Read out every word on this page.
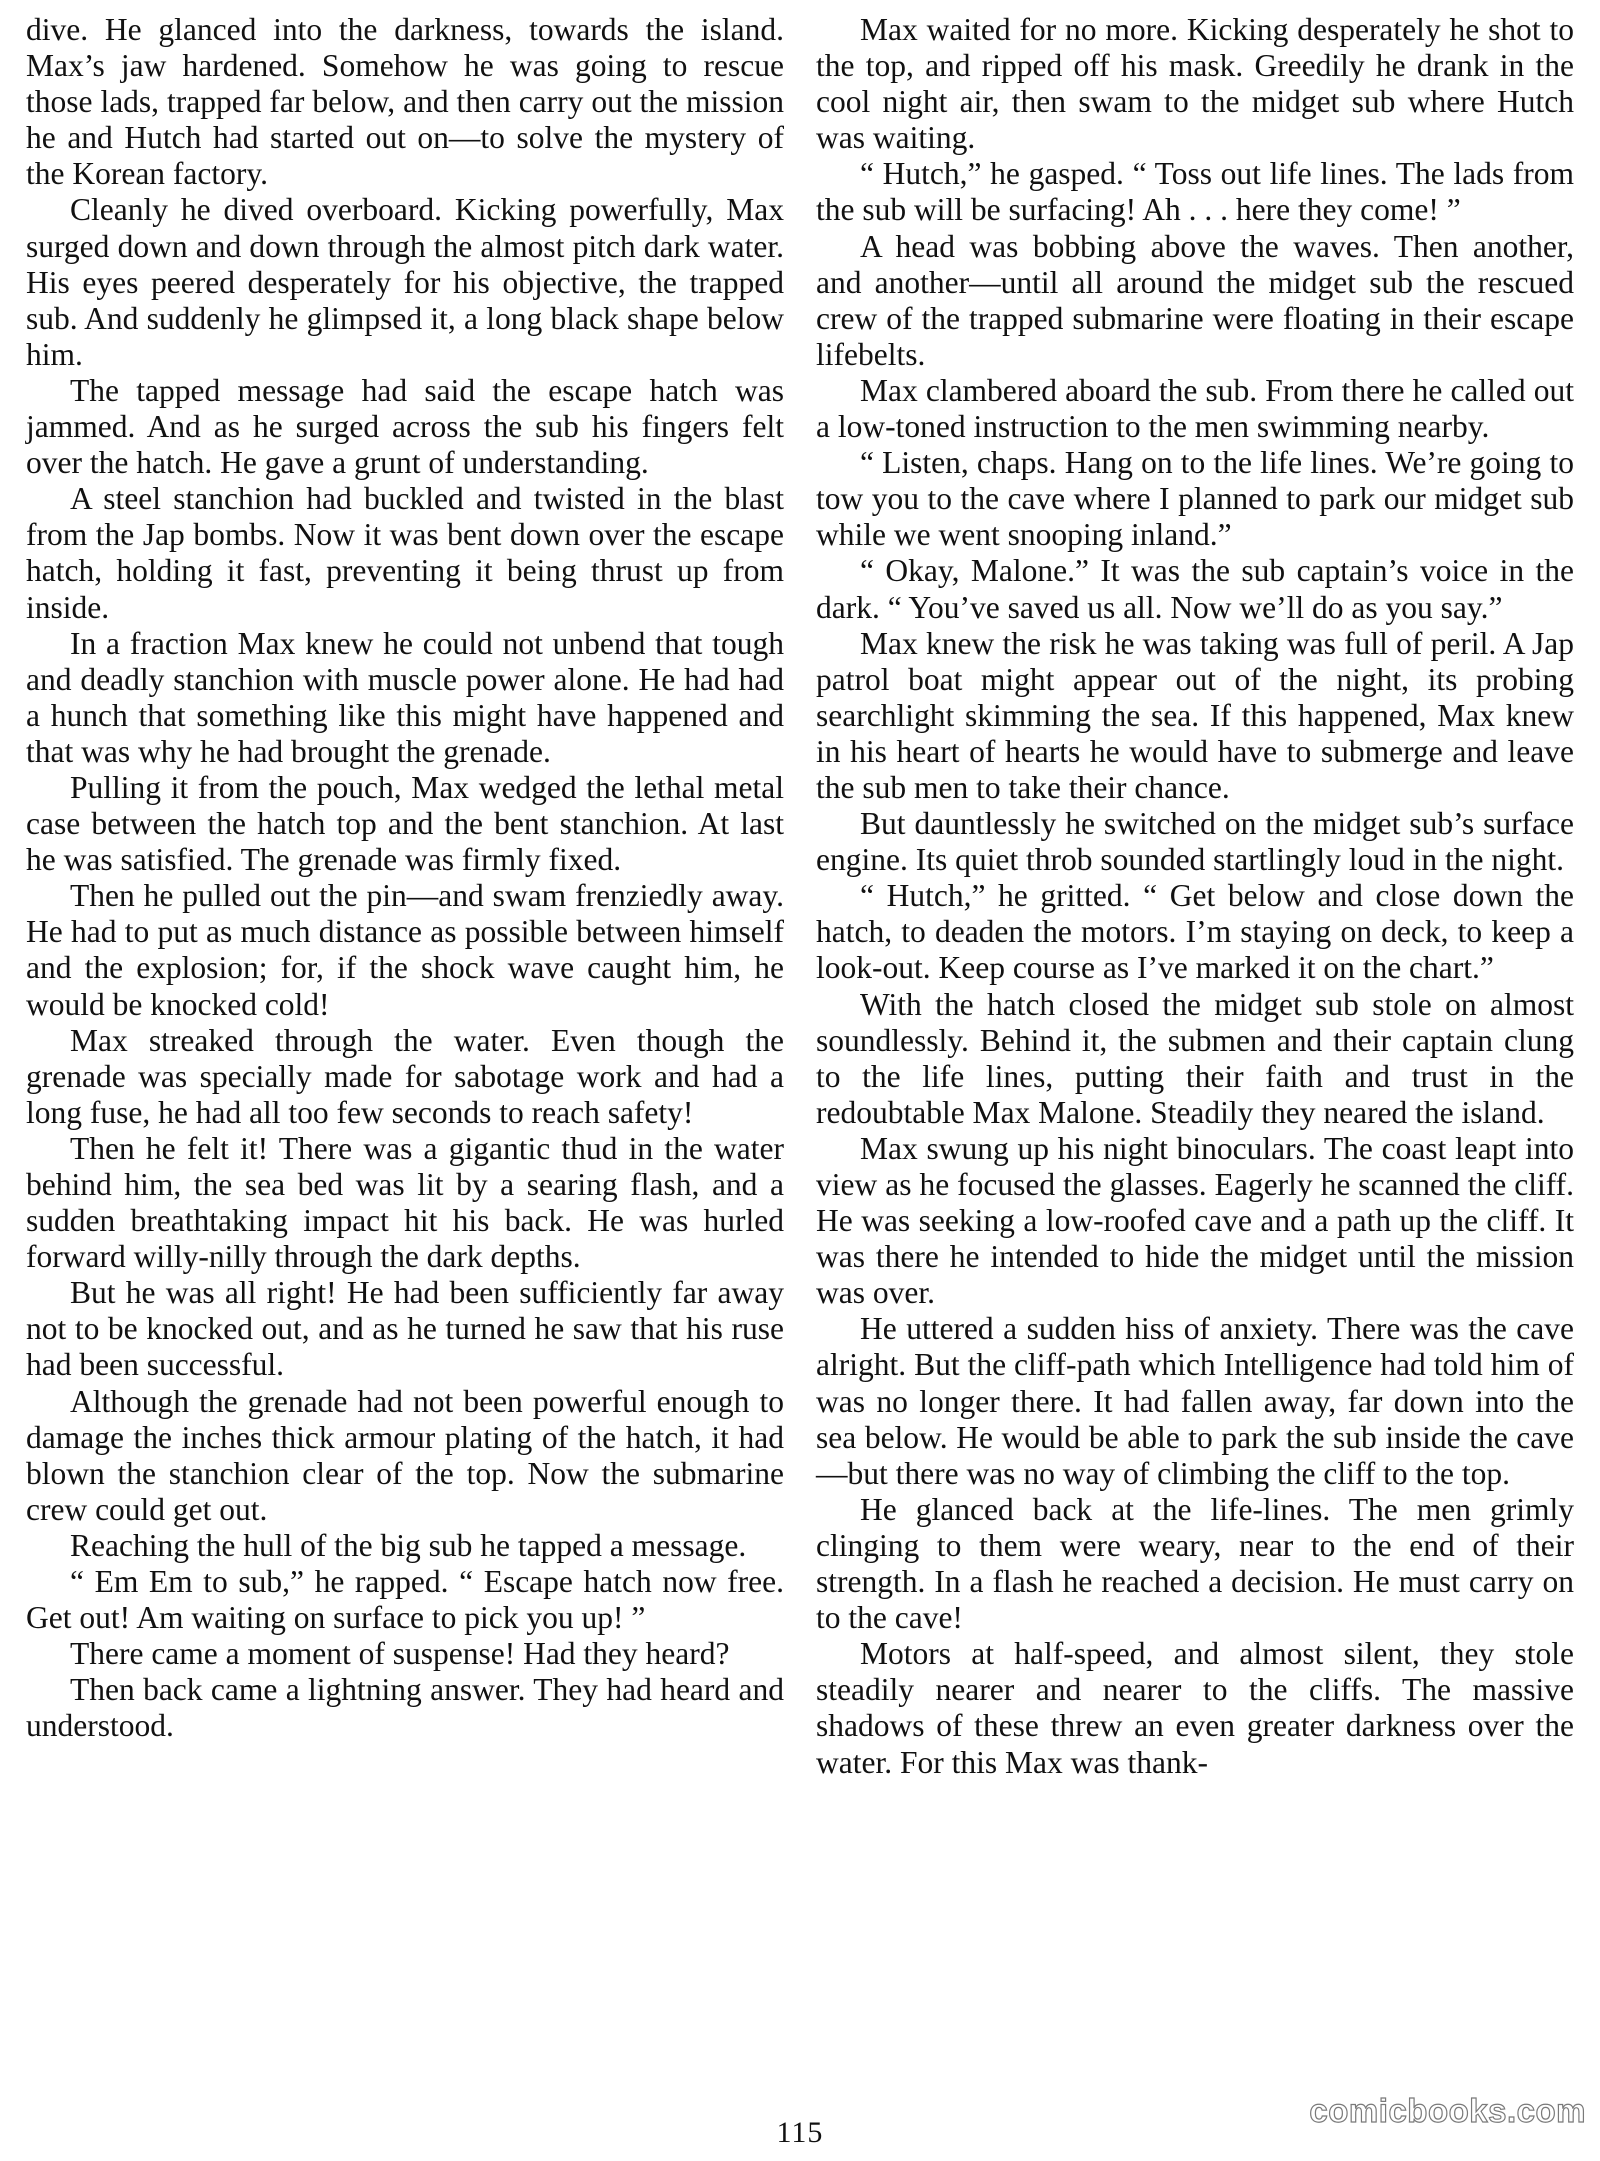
dive. He glanced into the darkness, towards the island. Max’s jaw hardened. Somehow he was going to rescue those lads, trapped far below, and then carry out the mission he and Hutch had started out on—to solve the mystery of the Korean factory.

Cleanly he dived overboard. Kicking powerfully, Max surged down and down through the almost pitch dark water. His eyes peered desperately for his objective, the trapped sub. And suddenly he glimpsed it, a long black shape below him.

The tapped message had said the escape hatch was jammed. And as he surged across the sub his fingers felt over the hatch. He gave a grunt of understanding.

A steel stanchion had buckled and twisted in the blast from the Jap bombs. Now it was bent down over the escape hatch, holding it fast, preventing it being thrust up from inside.

In a fraction Max knew he could not unbend that tough and deadly stanchion with muscle power alone. He had had a hunch that something like this might have happened and that was why he had brought the grenade.

Pulling it from the pouch, Max wedged the lethal metal case between the hatch top and the bent stanchion. At last he was satisfied. The grenade was firmly fixed.

Then he pulled out the pin—and swam frenziedly away. He had to put as much distance as possible between himself and the explosion; for, if the shock wave caught him, he would be knocked cold!

Max streaked through the water. Even though the grenade was specially made for sabotage work and had a long fuse, he had all too few seconds to reach safety!

Then he felt it! There was a gigantic thud in the water behind him, the sea bed was lit by a searing flash, and a sudden breathtaking impact hit his back. He was hurled forward willy-nilly through the dark depths.

But he was all right! He had been sufficiently far away not to be knocked out, and as he turned he saw that his ruse had been successful.

Although the grenade had not been powerful enough to damage the inches thick armour plating of the hatch, it had blown the stanchion clear of the top. Now the submarine crew could get out.

Reaching the hull of the big sub he tapped a message.

“ Em Em to sub,” he rapped. “ Escape hatch now free. Get out! Am waiting on surface to pick you up! ”

There came a moment of suspense! Had they heard?

Then back came a lightning answer. They had heard and understood.

Max waited for no more. Kicking desperately he shot to the top, and ripped off his mask. Greedily he drank in the cool night air, then swam to the midget sub where Hutch was waiting.

“ Hutch,” he gasped. “ Toss out life lines. The lads from the sub will be surfacing! Ah . . . here they come! ”

A head was bobbing above the waves. Then another, and another—until all around the midget sub the rescued crew of the trapped submarine were floating in their escape lifebelts.

Max clambered aboard the sub. From there he called out a low-toned instruction to the men swimming nearby.

“ Listen, chaps. Hang on to the life lines. We’re going to tow you to the cave where I planned to park our midget sub while we went snooping inland.”

“ Okay, Malone.” It was the sub captain’s voice in the dark. “ You’ve saved us all. Now we’ll do as you say.”

Max knew the risk he was taking was full of peril. A Jap patrol boat might appear out of the night, its probing searchlight skimming the sea. If this happened, Max knew in his heart of hearts he would have to submerge and leave the sub men to take their chance.

But dauntlessly he switched on the midget sub’s surface engine. Its quiet throb sounded startlingly loud in the night.

“ Hutch,” he gritted. “ Get below and close down the hatch, to deaden the motors. I’m staying on deck, to keep a look-out. Keep course as I’ve marked it on the chart.”

With the hatch closed the midget sub stole on almost soundlessly. Behind it, the submen and their captain clung to the life lines, putting their faith and trust in the redoubtable Max Malone. Steadily they neared the island.

Max swung up his night binoculars. The coast leapt into view as he focused the glasses. Eagerly he scanned the cliff. He was seeking a low-roofed cave and a path up the cliff. It was there he intended to hide the midget until the mission was over.

He uttered a sudden hiss of anxiety. There was the cave alright. But the cliff-path which Intelligence had told him of was no longer there. It had fallen away, far down into the sea below. He would be able to park the sub inside the cave—but there was no way of climbing the cliff to the top.

He glanced back at the life-lines. The men grimly clinging to them were weary, near to the end of their strength. In a flash he reached a decision. He must carry on to the cave!

Motors at half-speed, and almost silent, they stole steadily nearer and nearer to the cliffs. The massive shadows of these threw an even greater darkness over the water. For this Max was thank-

115
comicbooks.com
